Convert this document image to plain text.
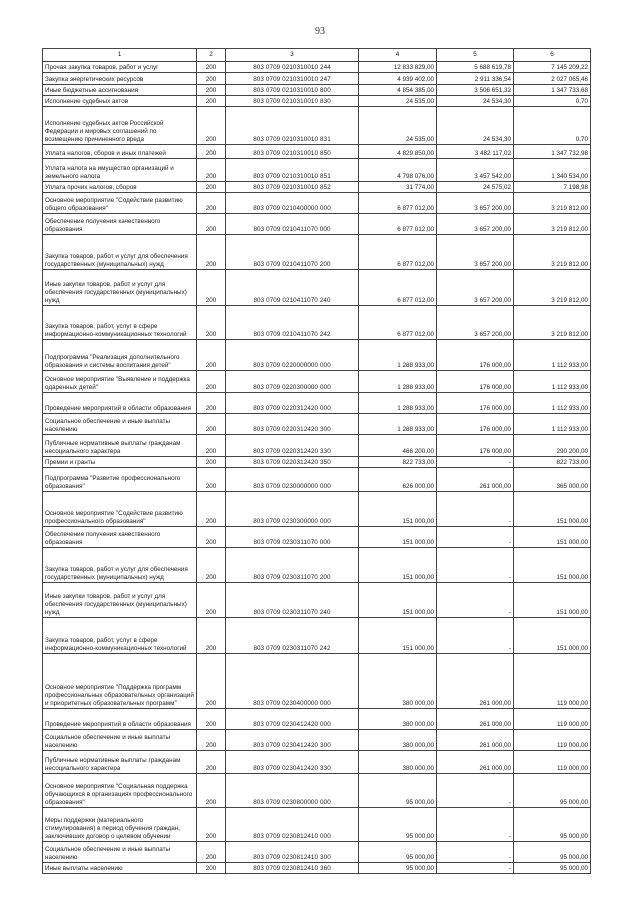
93
1	2	3	4	5	6
Прочая закупка товаров, работ и услуг	200	803 0709 0210310010 244	12 833 829,00	5 688 619,78	7 145 209,22
Закупка энергетических ресурсов	200	803 0709 0210310010 247	4 939 402,00	2 911 336,54	2 027 065,46
Иные бюджетные ассигнования	200	803 0709 0210310010 800	4 854 385,00	3 506 651,32	1 347 733,68
Исполнение судебных актов	200	803 0709 0210310010 830	24 535,00	24 534,30	0,70
Исполнение судебных актов Российской Федерации и мировых соглашений по возмещению причиненного вреда	200	803 0709 0210310010 831	24 535,00	24 534,30	0,70
Уплата налогов, сборов и иных платежей	200	803 0709 0210310010 850	4 829 850,00	3 482 117,02	1 347 732,98
Уплата налога на имущество организаций и земельного налога	200	803 0709 0210310010 851	4 798 076,00	3 457 542,00	1 340 534,00
Уплата прочих налогов, сборов	200	803 0709 0210310010 852	31 774,00	24 575,02	7 198,98
Основное мероприятие "Содействие развитию общего образования"	200	803 0709 0210400000 000	6 877 012,00	3 657 200,00	3 219 812,00
Обеспечение получения качественного образования	200	803 0709 0210411070 000	6 877 012,00	3 657 200,00	3 219 812,00
Закупка товаров, работ и услуг для обеспечения государственных (муниципальных) нужд	200	803 0709 0210411070 200	6 877 012,00	3 657 200,00	3 219 812,00
Иные закупки товаров, работ и услуг для обеспечения государственных (муниципальных) нужд	200	803 0709 0210411070 240	6 877 012,00	3 657 200,00	3 219 812,00
Закупка товаров, работ, услуг в сфере информационно-коммуникационных технологий	200	803 0709 0210411070 242	6 877 012,00	3 657 200,00	3 219 812,00
Подпрограмма "Реализация дополнительного образования и системы воспитания детей"	200	803 0709 0220000000 000	1 288 933,00	176 000,00	1 112 933,00
Основное мероприятие "Выявление и поддержка одаренных детей"	200	803 0709 0220300000 000	1 288 933,00	176 000,00	1 112 933,00
Проведение мероприятий в области образования	200	803 0709 0220312420 000	1 288 933,00	176 000,00	1 112 933,00
Социальное обеспечение и иные выплаты населению	200	803 0709 0220312420 300	1 288 933,00	176 000,00	1 112 933,00
Публичные нормативные выплаты гражданам несоциального характера	200	803 0709 0220312420 330	466 200,00	176 000,00	290 200,00
Премии и гранты	200	803 0709 0220312420 350	822 733,00	-	822 733,00
Подпрограмма "Развитие профессионального образования"	200	803 0709 0230000000 000	626 000,00	261 000,00	365 000,00
Основное мероприятие "Содействие развитию профессионального образования"	200	803 0709 0230300000 000	151 000,00	-	151 000,00
Обеспечение получения качественного образования	200	803 0709 0230311070 000	151 000,00	-	151 000,00
Закупка товаров, работ и услуг для обеспечения государственных (муниципальных) нужд	200	803 0709 0230311070 200	151 000,00	-	151 000,00
Иные закупки товаров, работ и услуг для обеспечения государственных (муниципальных) нужд	200	803 0709 0230311070 240	151 000,00	-	151 000,00
Закупка товаров, работ, услуг в сфере информационно-коммуникационных технологий	200	803 0709 0230311070 242	151 000,00	-	151 000,00
Основное мероприятие "Поддержка программ профессиональных образовательных организаций и приоритетных образовательных программ"	200	803 0709 0230400000 000	380 000,00	261 000,00	119 000,00
Проведение мероприятий в области образования	200	803 0709 0230412420 000	380 000,00	261 000,00	119 000,00
Социальное обеспечение и иные выплаты населению	200	803 0709 0230412420 300	380 000,00	261 000,00	119 000,00
Публичные нормативные выплаты гражданам несоциального характера	200	803 0709 0230412420 330	380 000,00	261 000,00	119 000,00
Основное мероприятие "Социальная поддержка обучающихся в организациях профессионального образования"	200	803 0709 0230800000 000	95 000,00	-	95 000,00
Меры поддержки (материального стимулирования) в период обучения граждан, заключивших договор о целевом обучении	200	803 0709 0230812410 000	95 000,00	-	95 000,00
Социальное обеспечение и иные выплаты населению	200	803 0709 0230812410 300	95 000,00	-	95 000,00
Иные выплаты населению	200	803 0709 0230812410 360	95 000,00	-	95 000,00
